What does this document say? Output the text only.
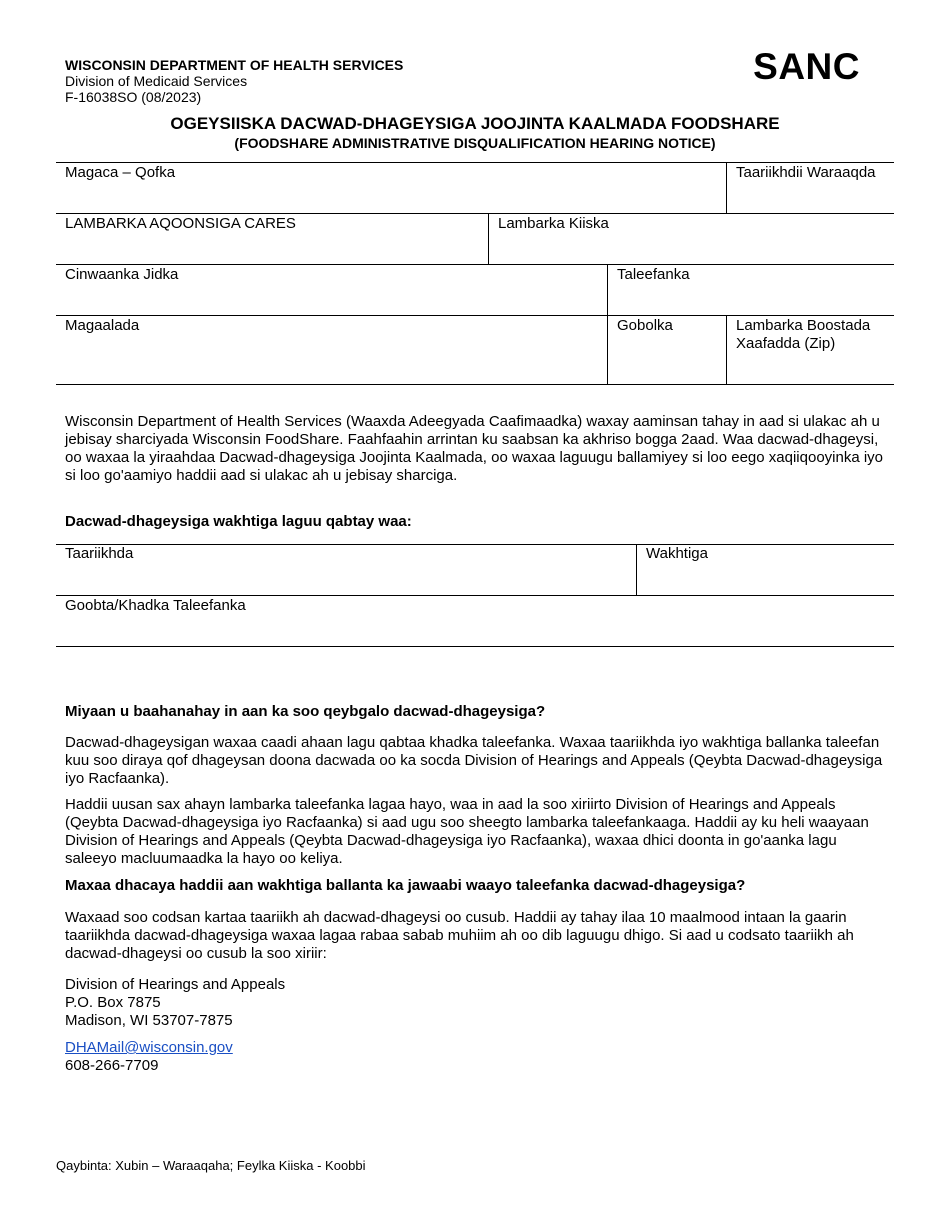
WISCONSIN DEPARTMENT OF HEALTH SERVICES
Division of Medicaid Services
F-16038SO (08/2023)
SANC
OGEYSIISKA DACWAD-DHAGEYSIGA JOOJINTA KAALMADA FOODSHARE
(FOODSHARE ADMINISTRATIVE DISQUALIFICATION HEARING NOTICE)
Magaca – Qofka	Taariikhdii Waraaqda
LAMBARKA AQOONSIGA CARES	Lambarka Kiiska
Cinwaanka Jidka	Taleefanka
Magaalada	Gobolka	Lambarka Boostada
Xaafadda (Zip)
Wisconsin Department of Health Services (Waaxda Adeegyada Caafimaadka) waxay aaminsan tahay in aad si ulakac ah u jebisay sharciyada Wisconsin FoodShare. Faahfaahin arrintan ku saabsan ka akhriso bogga 2aad. Waa dacwad-dhageysi, oo waxaa la yiraahdaa Dacwad-dhageysiga Joojinta Kaalmada, oo waxaa laguugu ballamiyey si loo eego xaqiiqooyinka iyo si loo go'aamiyo haddii aad si ulakac ah u jebisay sharciga.
Dacwad-dhageysiga wakhtiga laguu qabtay waa:
Taariikhda	Wakhtiga
Goobta/Khadka Taleefanka
Miyaan u baahanahay in aan ka soo qeybgalo dacwad-dhageysiga?
Dacwad-dhageysigan waxaa caadi ahaan lagu qabtaa khadka taleefanka. Waxaa taariikhda iyo wakhtiga ballanka taleefan kuu soo diraya qof dhageysan doona dacwada oo ka socda Division of Hearings and Appeals (Qeybta Dacwad-dhageysiga iyo Racfaanka).
Haddii uusan sax ahayn lambarka taleefanka lagaa hayo, waa in aad la soo xiriirto Division of Hearings and Appeals (Qeybta Dacwad-dhageysiga iyo Racfaanka) si aad ugu soo sheegto lambarka taleefankaaga. Haddii ay ku heli waayaan Division of Hearings and Appeals (Qeybta Dacwad-dhageysiga iyo Racfaanka), waxaa dhici doonta in go'aanka lagu saleeyo macluumaadka la hayo oo keliya.
Maxaa dhacaya haddii aan wakhtiga ballanta ka jawaabi waayo taleefanka dacwad-dhageysiga?
Waxaad soo codsan kartaa taariikh ah dacwad-dhageysi oo cusub. Haddii ay tahay ilaa 10 maalmood intaan la gaarin taariikhda dacwad-dhageysiga waxaa lagaa rabaa sabab muhiim ah oo dib laguugu dhigo. Si aad u codsato taariikh ah dacwad-dhageysi oo cusub la soo xiriir:
Division of Hearings and Appeals
P.O. Box 7875
Madison, WI 53707-7875
DHAMail@wisconsin.gov
608-266-7709
Qaybinta: Xubin – Waraaqaha; Feylka Kiiska - Koobbi
